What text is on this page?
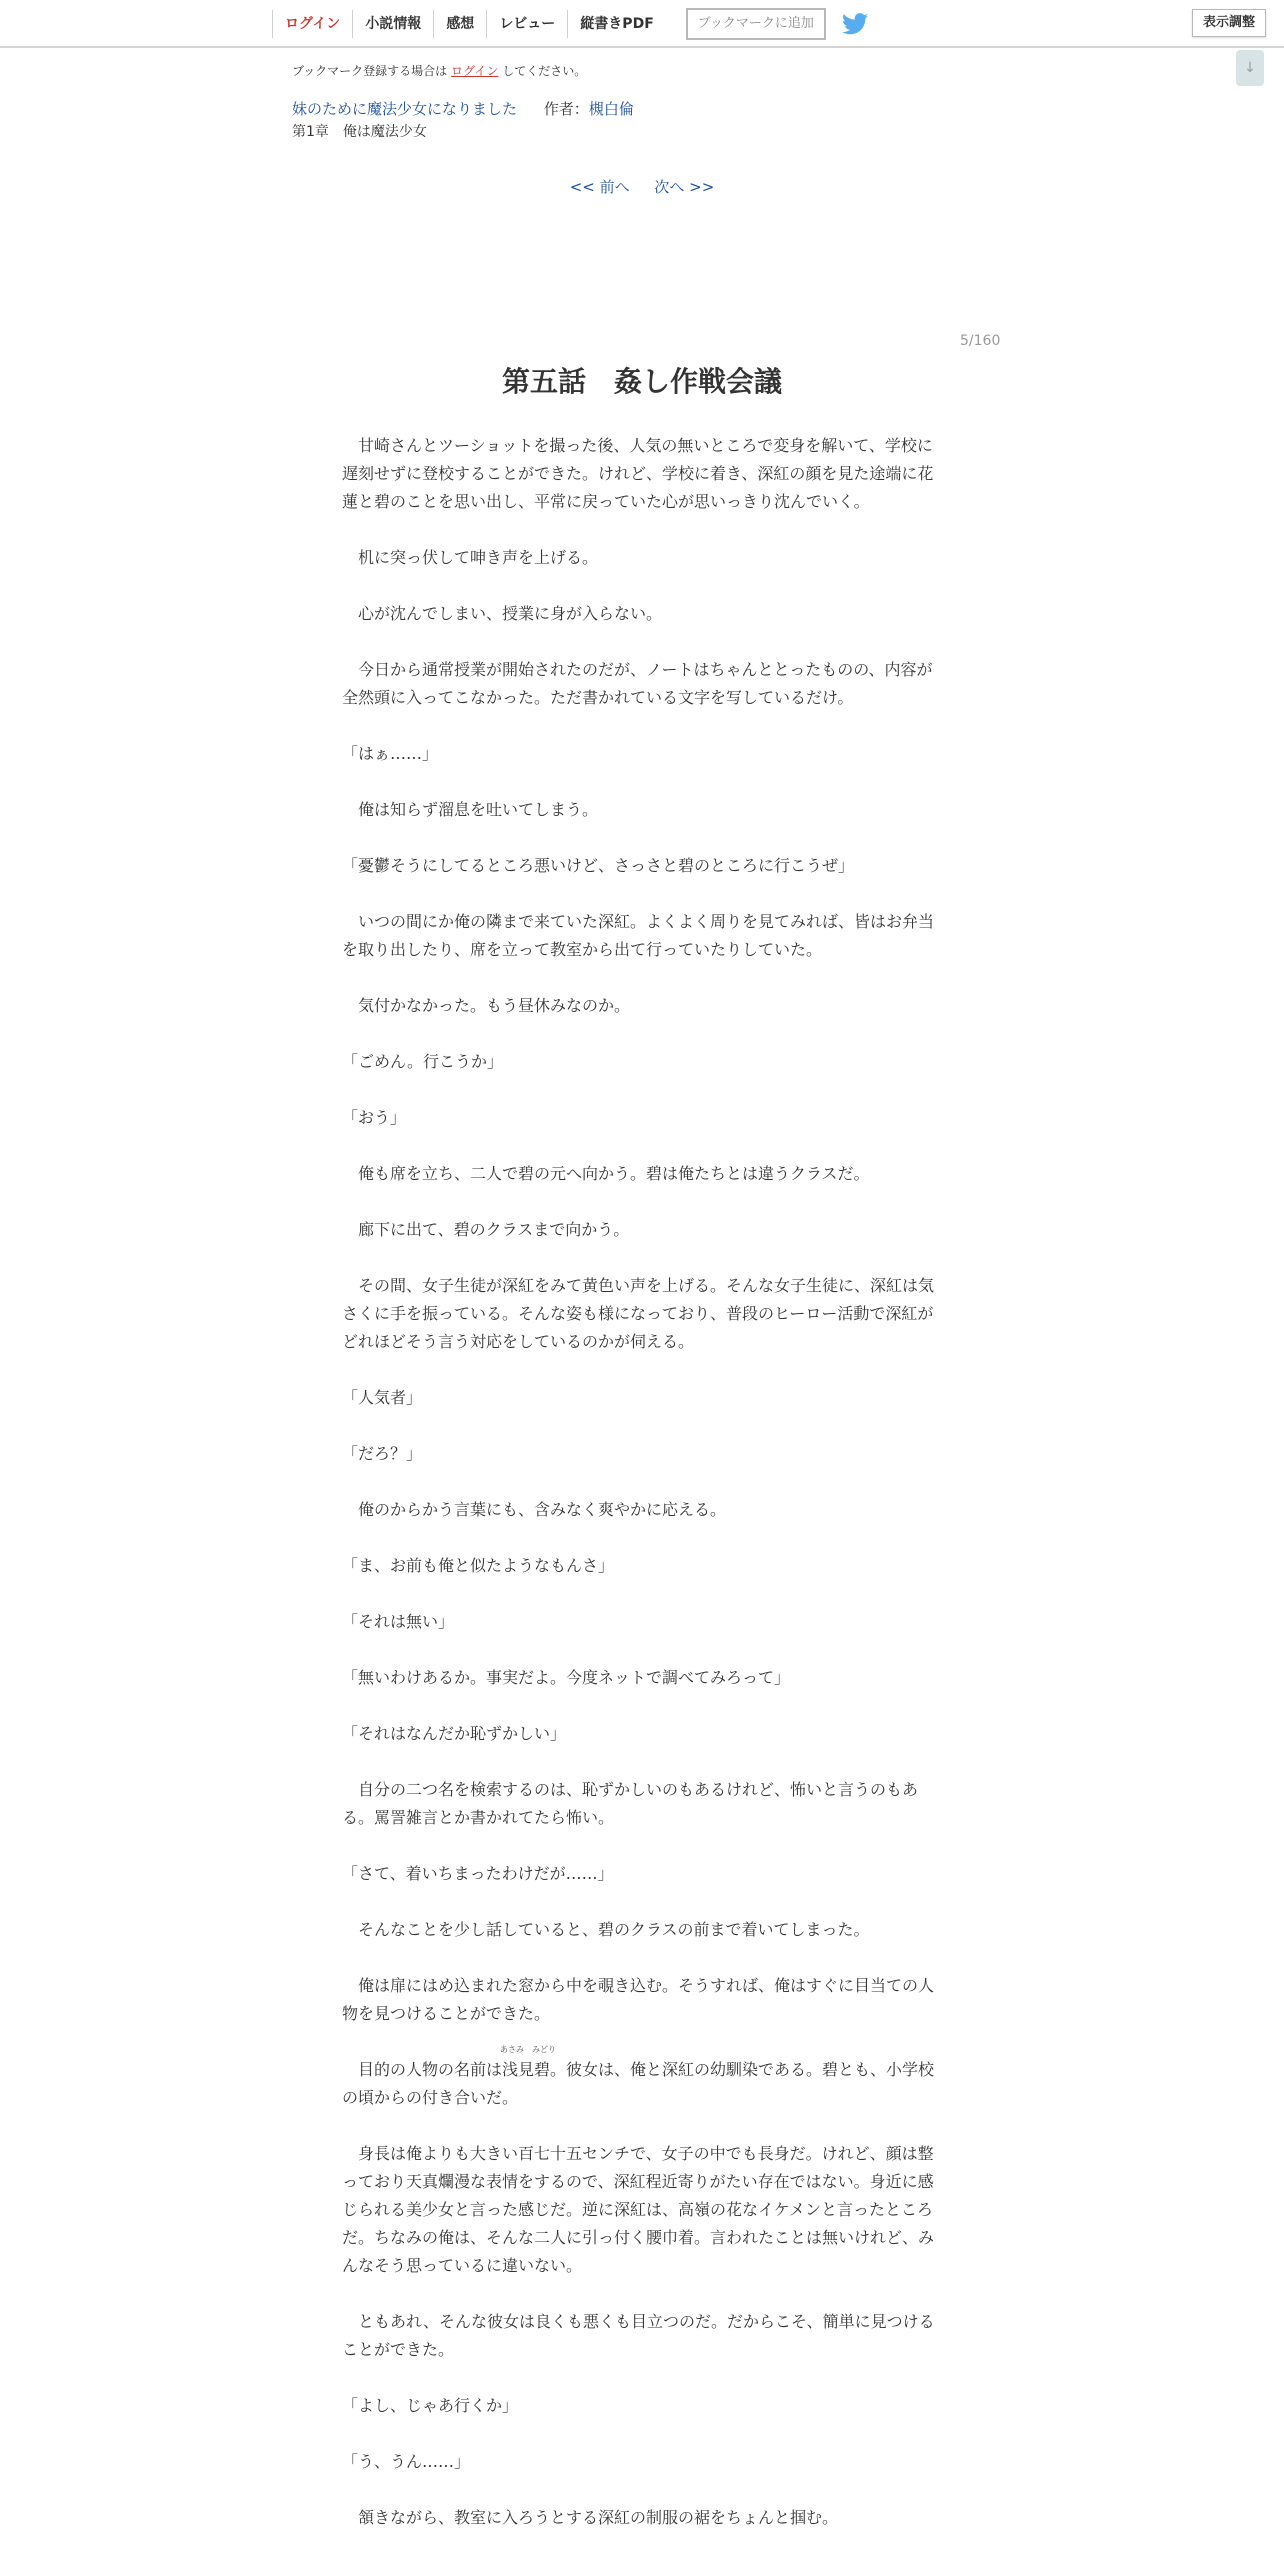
ログイン	小説情報	感想	レビュー	縦書きPDF	ブックマークに追加	表示調整
↓
ブックマーク登録する場合は ログイン してください。
妹のために魔法少女になりました 作者：槻白倫
第1章　俺は魔法少女
<< 前へ 次へ >>
5/160
第五話　姦し作戦会議

　甘崎さんとツーショットを撮った後、人気の無いところで変身を解いて、学校に遅刻せずに登校することができた。けれど、学校に着き、深紅の顔を見た途端に花蓮と碧のことを思い出し、平常に戻っていた心が思いっきり沈んでいく。

　机に突っ伏して呻き声を上げる。

　心が沈んでしまい、授業に身が入らない。

　今日から通常授業が開始されたのだが、ノートはちゃんととったものの、内容が全然頭に入ってこなかった。ただ書かれている文字を写しているだけ。

「はぁ……」

　俺は知らず溜息を吐いてしまう。

「憂鬱そうにしてるところ悪いけど、さっさと碧のところに行こうぜ」

　いつの間にか俺の隣まで来ていた深紅。よくよく周りを見てみれば、皆はお弁当を取り出したり、席を立って教室から出て行っていたりしていた。

　気付かなかった。もう昼休みなのか。

「ごめん。行こうか」

「おう」

　俺も席を立ち、二人で碧の元へ向かう。碧は俺たちとは違うクラスだ。

　廊下に出て、碧のクラスまで向かう。

　その間、女子生徒が深紅をみて黄色い声を上げる。そんな女子生徒に、深紅は気さくに手を振っている。そんな姿も様になっており、普段のヒーロー活動で深紅がどれほどそう言う対応をしているのかが伺える。

「人気者」

「だろ？」

　俺のからかう言葉にも、含みなく爽やかに応える。

「ま、お前も俺と似たようなもんさ」

「それは無い」

「無いわけあるか。事実だよ。今度ネットで調べてみろって」

「それはなんだか恥ずかしい」

　自分の二つ名を検索するのは、恥ずかしいのもあるけれど、怖いと言うのもある。罵詈雑言とか書かれてたら怖い。

「さて、着いちまったわけだが……」

　そんなことを少し話していると、碧のクラスの前まで着いてしまった。

　俺は扉にはめ込まれた窓から中を覗き込む。そうすれば、俺はすぐに目当ての人物を見つけることができた。

　目的の人物の名前は
あさみ
浅見
みどり
碧。彼女は、俺と深紅の幼馴染である。碧とも、小学校の頃からの付き合いだ。

　身長は俺よりも大きい百七十五センチで、女子の中でも長身だ。けれど、顔は整っており天真爛漫な表情をするので、深紅程近寄りがたい存在ではない。身近に感じられる美少女と言った感じだ。逆に深紅は、高嶺の花なイケメンと言ったところだ。ちなみの俺は、そんな二人に引っ付く腰巾着。言われたことは無いけれど、みんなそう思っているに違いない。

　ともあれ、そんな彼女は良くも悪くも目立つのだ。だからこそ、簡単に見つけることができた。

「よし、じゃあ行くか」

「う、うん……」

　頷きながら、教室に入ろうとする深紅の制服の裾をちょんと掴む。
